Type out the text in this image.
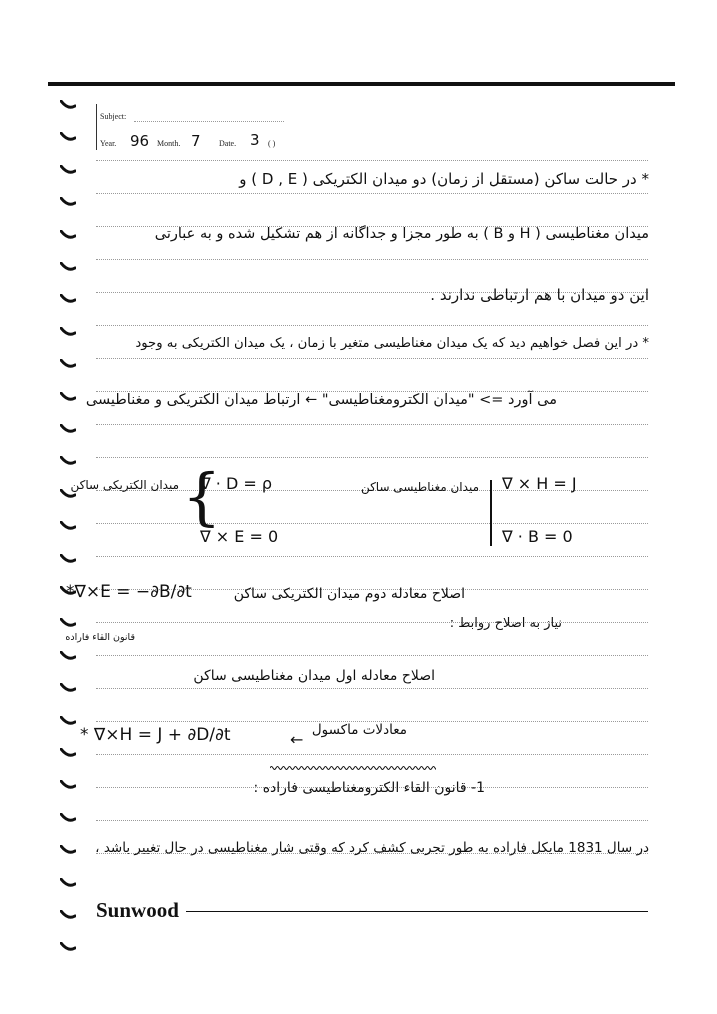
Subject:
Year. 96 Month. 7 Date. 3 ( )
* در حالت ساکن (مستقل از زمان) دو میدان الکتریکی ( D , E ) و
میدان مغناطیسی ( H و B ) به طور مجزا و جداگانه از هم تشکیل شده و به عبارتی
این دو میدان با هم ارتباطی ندارند .
* در این فصل خواهیم دید که یک میدان مغناطیسی متغیر با زمان ، یک میدان الکتریکی به وجود
می آورد => "میدان الکترومغناطیسی" ← ارتباط میدان الکتریکی و مغناطیسی
میدان الکتریکی ساکن {
∇ · D = ρ
∇ × E = 0
میدان مغناطیسی ساکن ∇ × H = J
∇ · B = 0
*∇×E = −∂B/∂t	اصلاح معادله دوم میدان الکتریکی ساکن
قانون القاء فاراده
نیاز به اصلاح روابط :
اصلاح معادله اول میدان مغناطیسی ساکن
* ∇×H = J + ∂D/∂t	← معادلات ماکسول
1- قانون القاء الکترومغناطیسی فاراده :
در سال 1831 مایکل فاراده به طور تجربی کشف کرد که وقتی شار مغناطیسی در حال تغییر باشد ،
Sunwood
